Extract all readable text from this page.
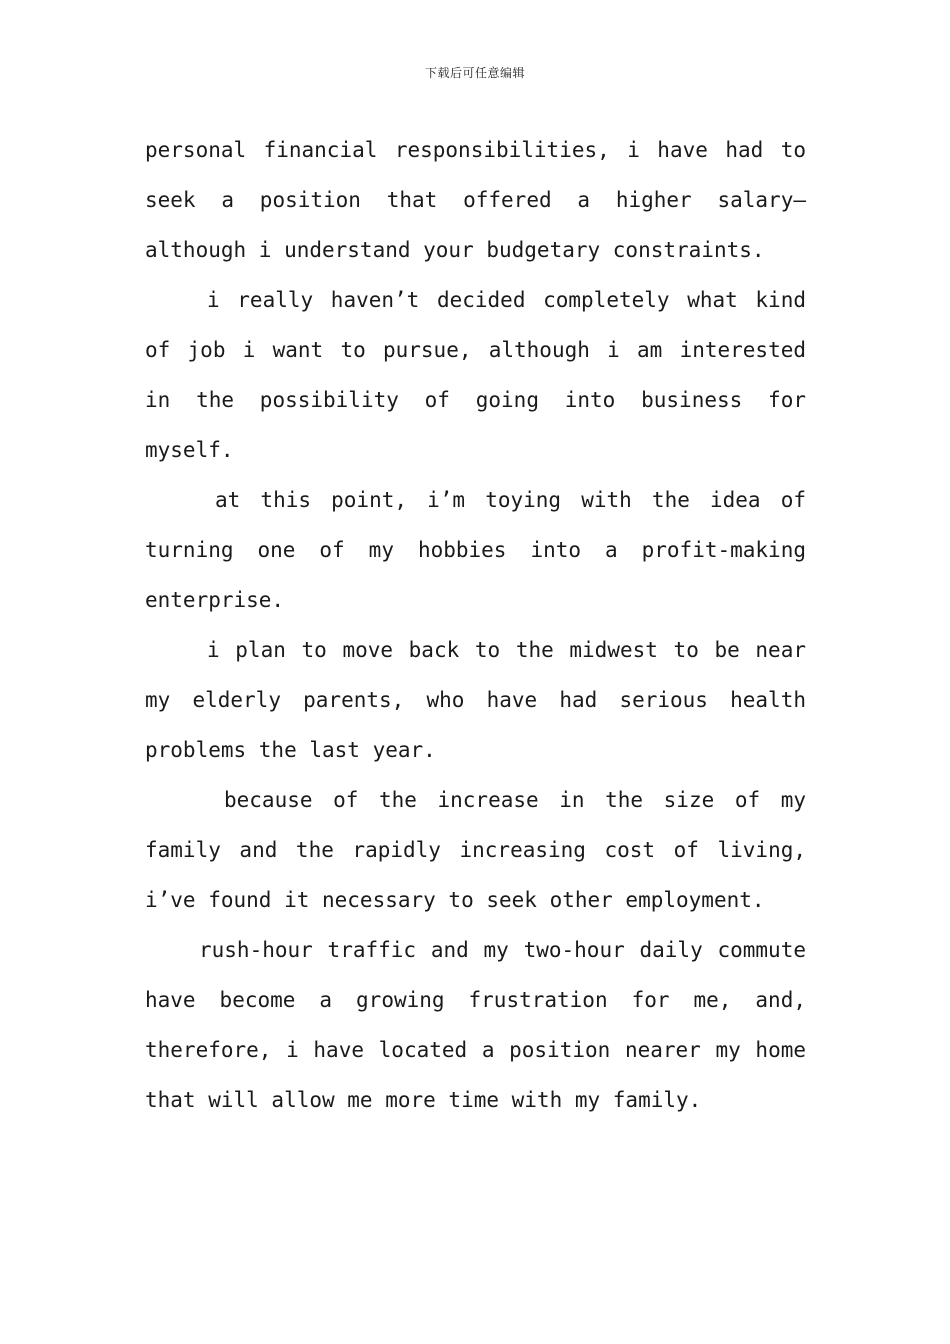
下载后可任意编辑
personal financial responsibilities, i have had to
seek a position that offered a higher salary–
although i understand your budgetary constraints.
i really haven’t decided completely what kind
of job i want to pursue, although i am interested
in the possibility of going into business for
myself.
at this point, i’m toying with the idea of
turning one of my hobbies into a profit-making
enterprise.
i plan to move back to the midwest to be near
my elderly parents, who have had serious health
problems the last year.
because of the increase in the size of my
family and the rapidly increasing cost of living,
i’ve found it necessary to seek other employment.
rush-hour traffic and my two-hour daily commute
have become a growing frustration for me, and,
therefore, i have located a position nearer my home
that will allow me more time with my family.
